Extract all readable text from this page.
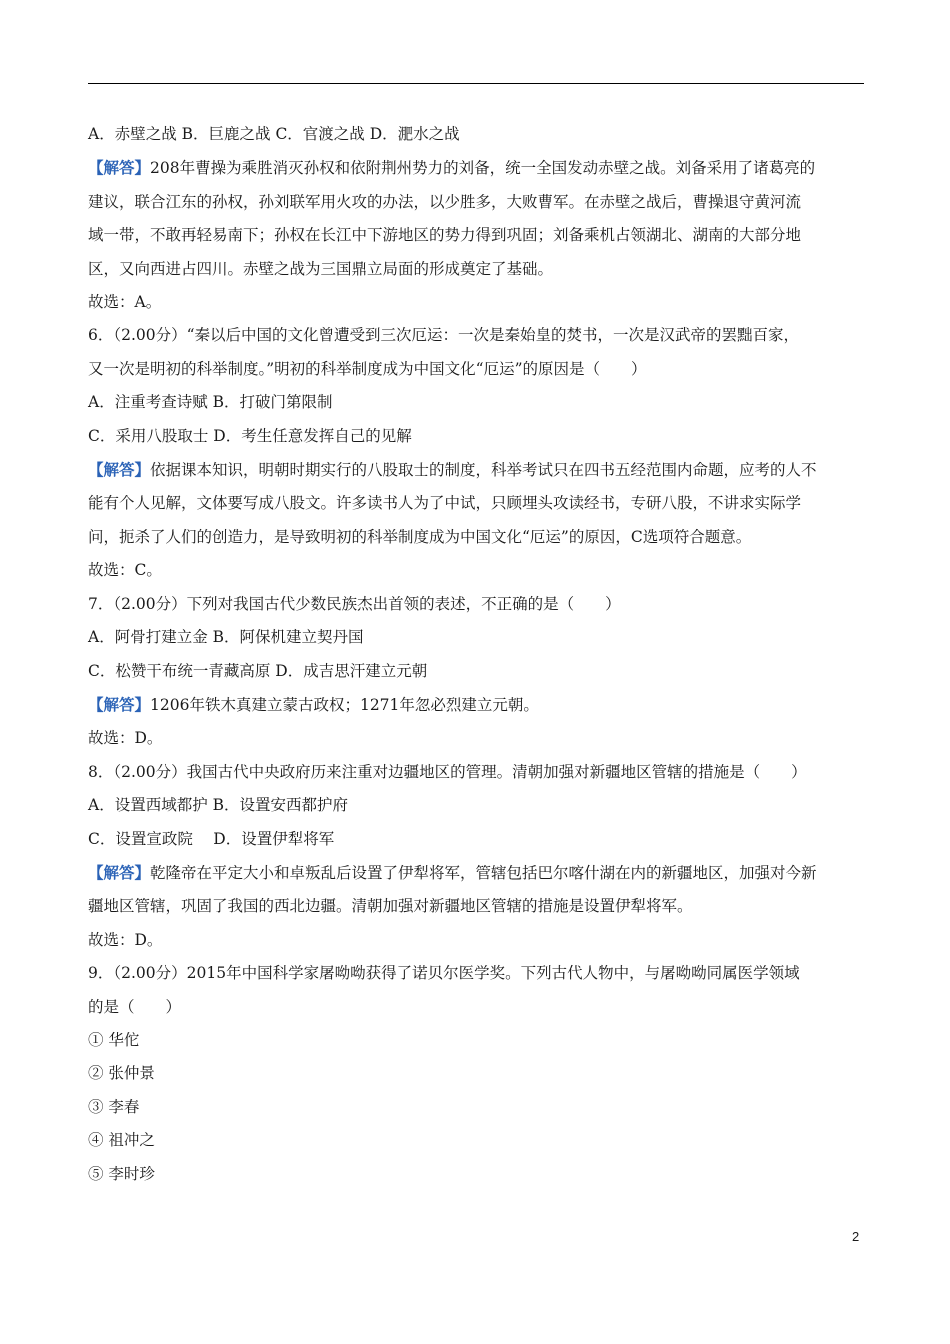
A．赤壁之战 B．巨鹿之战 C．官渡之战 D．淝水之战
【解答】208年曹操为乘胜消灭孙权和依附荆州势力的刘备，统一全国发动赤壁之战。刘备采用了诸葛亮的
建议，联合江东的孙权，孙刘联军用火攻的办法，以少胜多，大败曹军。在赤壁之战后，曹操退守黄河流
域一带，不敢再轻易南下；孙权在长江中下游地区的势力得到巩固；刘备乘机占领湖北、湖南的大部分地
区，又向西进占四川。赤壁之战为三国鼎立局面的形成奠定了基础。
故选：A。
6．（2.00分）“秦以后中国的文化曾遭受到三次厄运：一次是秦始皇的焚书，一次是汉武帝的罢黜百家，
又一次是明初的科举制度。”明初的科举制度成为中国文化“厄运”的原因是（　　）
A．注重考查诗赋 B．打破门第限制
C．采用八股取士 D．考生任意发挥自己的见解
【解答】依据课本知识，明朝时期实行的八股取士的制度，科举考试只在四书五经范围内命题，应考的人不
能有个人见解，文体要写成八股文。许多读书人为了中试，只顾埋头攻读经书，专研八股，不讲求实际学
问，扼杀了人们的创造力，是导致明初的科举制度成为中国文化“厄运”的原因，C选项符合题意。
故选：C。
7．（2.00分）下列对我国古代少数民族杰出首领的表述，不正确的是（　　）
A．阿骨打建立金 B．阿保机建立契丹国
C．松赞干布统一青藏高原 D．成吉思汗建立元朝
【解答】1206年铁木真建立蒙古政权；1271年忽必烈建立元朝。
故选：D。
8．（2.00分）我国古代中央政府历来注重对边疆地区的管理。清朝加强对新疆地区管辖的措施是（　　）
A．设置西域都护 B．设置安西都护府
C．设置宣政院　 D．设置伊犁将军
【解答】乾隆帝在平定大小和卓叛乱后设置了伊犁将军，管辖包括巴尔喀什湖在内的新疆地区，加强对今新
疆地区管辖，巩固了我国的西北边疆。清朝加强对新疆地区管辖的措施是设置伊犁将军。
故选：D。
9．（2.00分）2015年中国科学家屠呦呦获得了诺贝尔医学奖。下列古代人物中，与屠呦呦同属医学领域
的是（　　）
① 华佗
② 张仲景
③ 李春
④ 祖冲之
⑤ 李时珍
2
